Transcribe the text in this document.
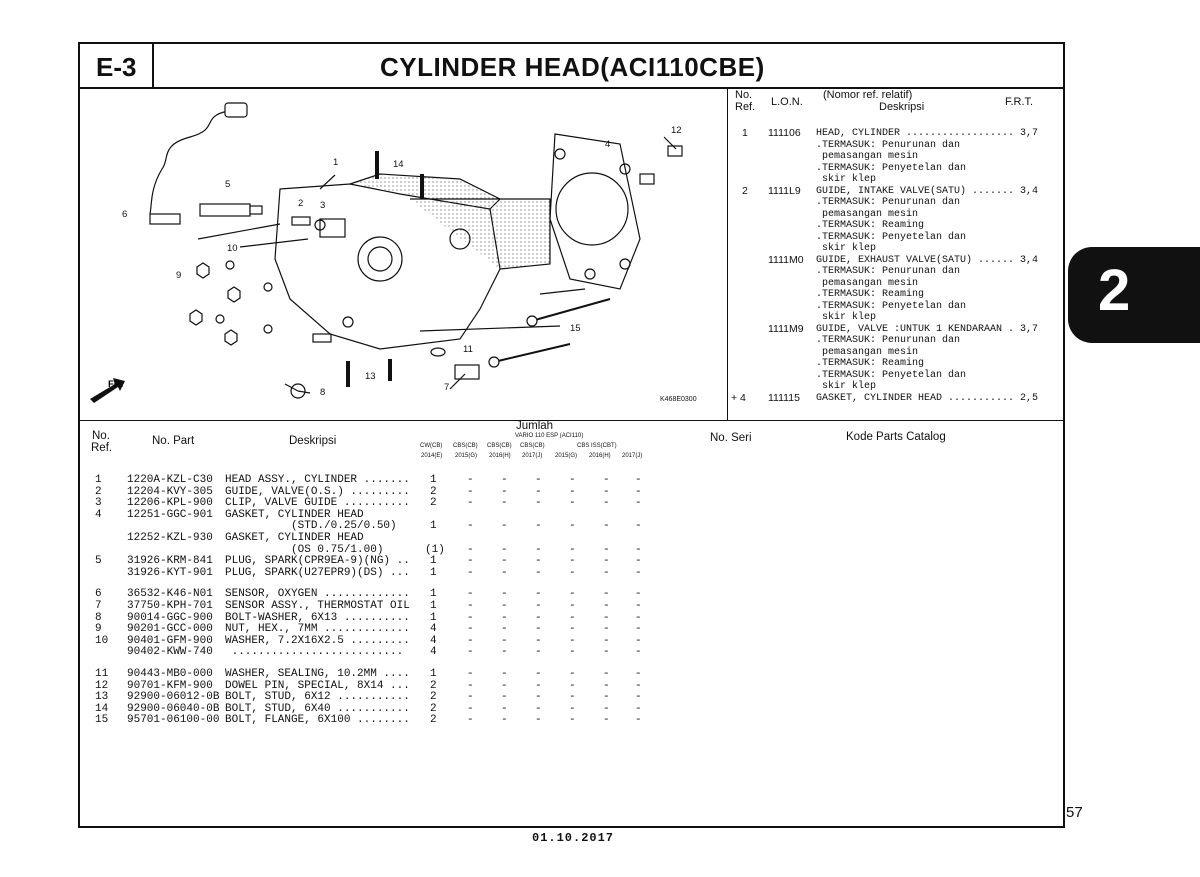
E-3	CYLINDER HEAD(ACI110CBE)
FR.
1
2 3
4
5
6
7
8
9
10
11
12
13
14
15
K468E0300
No.
Ref. L.O.N.
(Nomor ref. relatif)
Deskripsi	F.R.T.
1 111106 HEAD, CYLINDER .................. 3,7
.TERMASUK: Penurunan dan
pemasangan mesin
.TERMASUK: Penyetelan dan
skir klep
2 1111L9 GUIDE, INTAKE VALVE(SATU) ....... 3,4
.TERMASUK: Penurunan dan
pemasangan mesin
.TERMASUK: Reaming
.TERMASUK: Penyetelan dan
skir klep
1111M0 GUIDE, EXHAUST VALVE(SATU) ...... 3,4
.TERMASUK: Penurunan dan
pemasangan mesin
.TERMASUK: Reaming
.TERMASUK: Penyetelan dan
skir klep
1111M9 GUIDE, VALVE :UNTUK 1 KENDARAAN . 3,7
.TERMASUK: Penurunan dan
pemasangan mesin
.TERMASUK: Reaming
.TERMASUK: Penyetelan dan
skir klep
+ 4 111115 GASKET, CYLINDER HEAD ........... 2,5
No.
Ref.
No. Part	Deskripsi
Jumlah
VARIO 110 ESP (ACI110)	No. Seri	Kode Parts Catalog
CW(CB) CBS(CB) CBS(CB) CBS(CB)	CBS ISS(CBT)
2014(E) 2015(G) 2016(H) 2017(J) 2015(G) 2016(H) 2017(J)
1 1220A-KZL-C30 HEAD ASSY., CYLINDER ....... 1	- - - - - -
2 12204-KVY-305 GUIDE, VALVE(O.S.) ......... 2	- - - - - -
3 12206-KPL-900 CLIP, VALVE GUIDE .......... 2	- - - - - -
4 12251-GGC-901 GASKET, CYLINDER HEAD
(STD./0.25/0.50)	1	- - - - - -
12252-KZL-930 GASKET, CYLINDER HEAD
(OS 0.75/1.00)	(1) - - - - - -
5 31926-KRM-841 PLUG, SPARK(CPR9EA-9)(NG) .. 1	- - - - - -
31926-KYT-901 PLUG, SPARK(U27EPR9)(DS) ... 1	- - - - - -
6 36532-K46-N01 SENSOR, OXYGEN ............. 1	- - - - - -
7 37750-KPH-701 SENSOR ASSY., THERMOSTAT OIL 1	- - - - - -
8 90014-GGC-900 BOLT-WASHER, 6X13 .......... 1	- - - - - -
9 90201-GCC-000 NUT, HEX., 7MM ............. 4	- - - - - -
10 90401-GFM-900 WASHER, 7.2X16X2.5 ......... 4	- - - - - -
90402-KWW-740 .......................... 4	- - - - - -
11 90443-MB0-000 WASHER, SEALING, 10.2MM .... 1	- - - - - -
12 90701-KFM-900 DOWEL PIN, SPECIAL, 8X14 ... 2	- - - - - -
13 92900-06012-0B BOLT, STUD, 6X12 ........... 2	- - - - - -
14 92900-06040-0B BOLT, STUD, 6X40 ........... 2	- - - - - -
15 95701-06100-00 BOLT, FLANGE, 6X100 ........ 2	- - - - - -
2
57
01.10.2017
